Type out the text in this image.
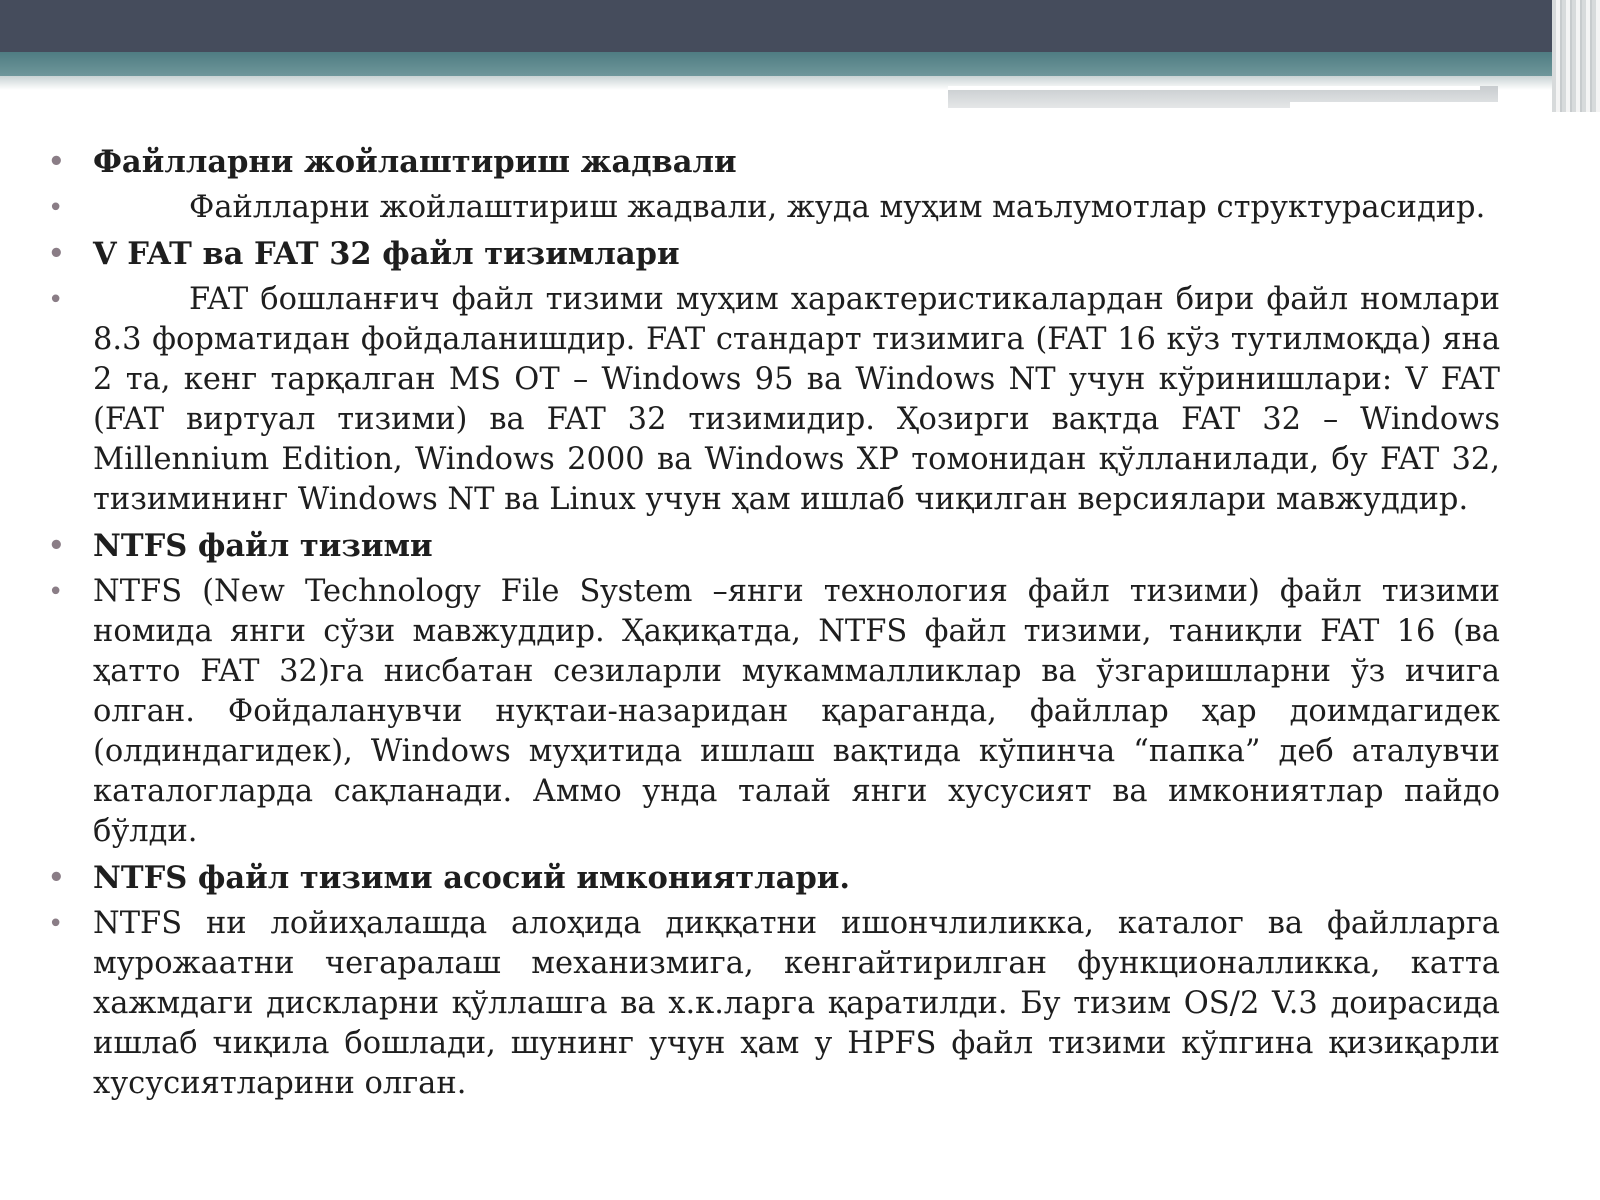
• Файлларни жойлаштириш жадвали
•	Файлларни жойлаштириш жадвали, жуда муҳим маълумотлар структурасидир.
• V FAT ва FAT 32 файл тизимлари
•	FAT бошланғич файл тизими муҳим характеристикалардан бири файл номлари 8.3 форматидан фойдаланишдир. FAT стандарт тизимига (FAT 16 кўз тутилмоқда) яна 2 та, кенг тарқалган MS ОТ – Windows 95 ва Windows NT учун кўринишлари: V FAT (FAT виртуал тизими) ва FAT 32 тизимидир. Ҳозирги вақтда FAT 32 – Windows Millennium Edition, Windows 2000 ва Windows XP томонидан қўлланилади, бу FAT 32, тизимининг Windows NT ва Linux учун ҳам ишлаб чиқилган версиялари мавжуддир.
• NTFS файл тизими
• NTFS (New Technology File System –янги технология файл тизими) файл тизими номида янги сўзи мавжуддир. Ҳақиқатда, NTFS файл тизими, таниқли FAT 16 (ва ҳатто FAT 32)га нисбатан сезиларли мукаммалликлар ва ўзгаришларни ўз ичига олган. Фойдаланувчи нуқтаи-назаридан қараганда, файллар ҳар доимдагидек (олдиндагидек), Windows муҳитида ишлаш вақтида кўпинча “папка” деб аталувчи каталогларда сақланади. Аммо унда талай янги хусусият ва имкониятлар пайдо бўлди.
• NTFS файл тизими асосий имкониятлари.
• NTFS ни лойиҳалашда алоҳида диққатни ишончлиликка, каталог ва файлларга мурожаатни чегаралаш механизмига, кенгайтирилган функционалликка, катта хажмдаги дискларни қўллашга ва х.к.ларга қаратилди. Бу тизим OS/2 V.3 доирасида ишлаб чиқила бошлади, шунинг учун ҳам у HPFS файл тизими кўпгина қизиқарли хусусиятларини олган.
